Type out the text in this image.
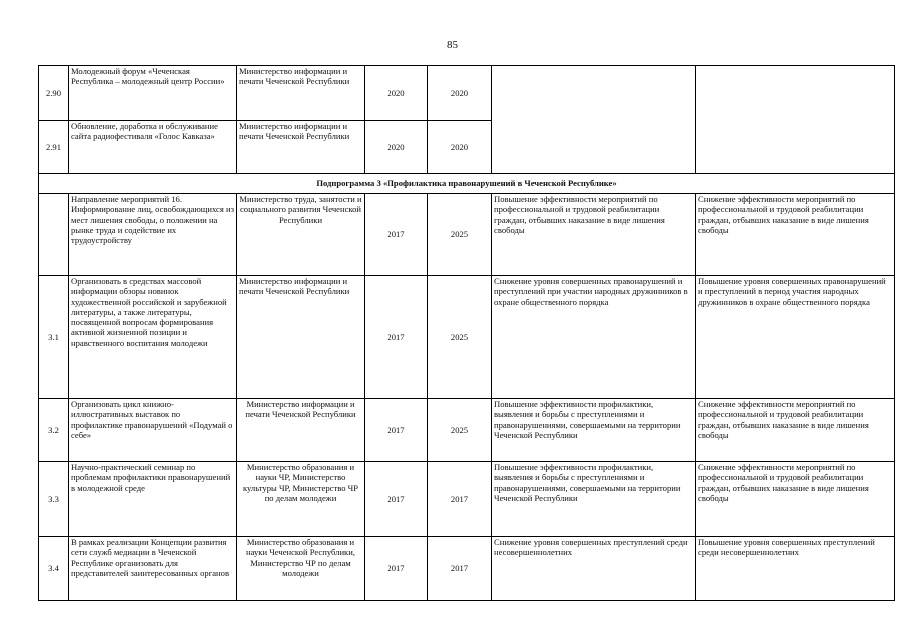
85
2.90	Молодежный форум «Чеченская Республика – молодежный центр России»	Министерство информации и печати Чеченской Республики	2020	2020		
2.91	Обновление, доработка и обслуживание сайта радиофестиваля «Голос Кавказа»	Министерство информации и печати Чеченской Республики	2020	2020		
Подпрограмма 3 «Профилактика правонарушений в Чеченской Республике»						
	Направление мероприятий 16. Информирование лиц, освобождающихся из мест лишения свободы, о положении на рынке труда и содействие их трудоустройству	Министерство труда, занятости и социального развития Чеченской Республики	2017	2025	Повышение эффективности мероприятий по профессиональной и трудовой реабилитации граждан, отбывших наказание в виде лишения свободы	Снижение эффективности мероприятий по профессиональной и трудовой реабилитации граждан, отбывших наказание в виде лишения свободы
3.1	Организовать в средствах массовой информации обзоры новинок художественной российской и зарубежной литературы, а также литературы, посвященной вопросам формирования активной жизненной позиции и нравственного воспитания молодежи	Министерство информации и печати Чеченской Республики	2017	2025	Снижение уровня совершенных правонарушений и преступлений при участии народных дружинников в охране общественного порядка	Повышение уровня совершенных правонарушений и преступлений в период участия народных дружинников в охране общественного порядка
3.2	Организовать цикл книжно-иллюстративных выставок по профилактике правонарушений «Подумай о себе»	Министерство информации и печати Чеченской Республики	2017	2025	Повышение эффективности профилактики, выявления и борьбы с преступлениями и правонарушениями, совершаемыми на территории Чеченской Республики	Снижение эффективности мероприятий по профессиональной и трудовой реабилитации граждан, отбывших наказание в виде лишения свободы
3.3	Научно-практический семинар по проблемам профилактики правонарушений в молодежной среде	Министерство образования и науки ЧР, Министерство культуры ЧР, Министерство ЧР по делам молодежи	2017	2017	Повышение эффективности профилактики, выявления и борьбы с преступлениями и правонарушениями, совершаемыми на территории Чеченской Республики	Снижение эффективности мероприятий по профессиональной и трудовой реабилитации граждан, отбывших наказание в виде лишения свободы
3.4	В рамках реализации Концепции развития сети служб медиации в Чеченской Республике организовать для представителей заинтересованных органов	Министерство образования и науки Чеченской Республики, Министерство ЧР по делам молодежи	2017	2017	Снижение уровня совершенных преступлений среди несовершеннолетних	Повышение уровня совершенных преступлений среди несовершеннолетних
